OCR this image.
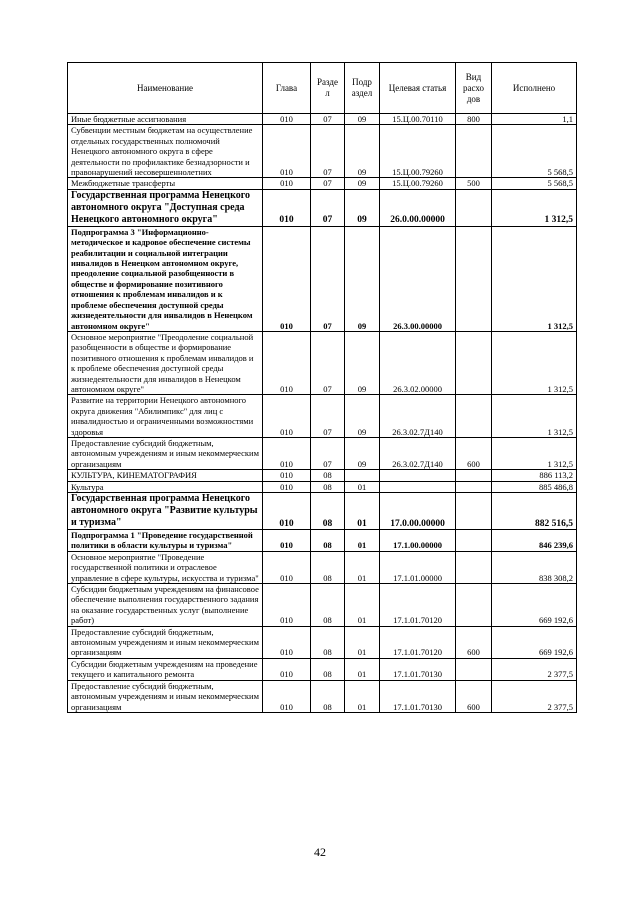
Наименование	Глава	Разде л	Подр аздел	Целевая статья	Вид расхо дов	Исполнено
Иные бюджетные ассигнования	010	07	09	15.Ц.00.70110	800	1,1
Субвенции местным бюджетам на осуществление отдельных государственных полномочий Ненецкого автономного округа в сфере деятельности по профилактике безнадзорности и правонарушений несовершеннолетних	010	07	09	15.Ц.00.79260		5 568,5
Межбюджетные трансферты	010	07	09	15.Ц.00.79260	500	5 568,5
Государственная программа Ненецкого автономного округа "Доступная среда Ненецкого автономного округа"	010	07	09	26.0.00.00000		1 312,5
Подпрограмма 3 "Информационно-методическое и кадровое обеспечение системы реабилитации и социальной интеграции инвалидов в Ненецком автономном округе, преодоление социальной разобщенности в обществе и формирование позитивного отношения к проблемам инвалидов и к проблеме обеспечения доступной среды жизнедеятельности для инвалидов в Ненецком автономном округе"	010	07	09	26.3.00.00000		1 312,5
Основное мероприятие "Преодоление социальной разобщенности в обществе и формирование позитивного отношения к проблемам инвалидов и к проблеме обеспечения доступной среды жизнедеятельности для инвалидов в Ненецком автономном округе"	010	07	09	26.3.02.00000		1 312,5
Развитие на территории Ненецкого автономного округа движения "Абилимпикс" для лиц с инвалидностью и ограниченными возможностями здоровья	010	07	09	26.3.02.7Д140		1 312,5
Предоставление субсидий бюджетным, автономным учреждениям и иным некоммерческим организациям	010	07	09	26.3.02.7Д140	600	1 312,5
КУЛЬТУРА, КИНЕМАТОГРАФИЯ	010	08				886 113,2
Культура	010	08	01			885 486,8
Государственная программа Ненецкого автономного округа "Развитие культуры и туризма"	010	08	01	17.0.00.00000		882 516,5
Подпрограмма 1 "Проведение государственной политики в области культуры и туризма"	010	08	01	17.1.00.00000		846 239,6
Основное мероприятие "Проведение государственной политики и отраслевое управление в сфере культуры, искусства и туризма"	010	08	01	17.1.01.00000		838 308,2
Субсидии бюджетным учреждениям на финансовое обеспечение выполнения государственного задания на оказание государственных услуг (выполнение работ)	010	08	01	17.1.01.70120		669 192,6
Предоставление субсидий бюджетным, автономным учреждениям и иным некоммерческим организациям	010	08	01	17.1.01.70120	600	669 192,6
Субсидии бюджетным учреждениям на проведение текущего и капитального ремонта	010	08	01	17.1.01.70130		2 377,5
Предоставление субсидий бюджетным, автономным учреждениям и иным некоммерческим организациям	010	08	01	17.1.01.70130	600	2 377,5
42
